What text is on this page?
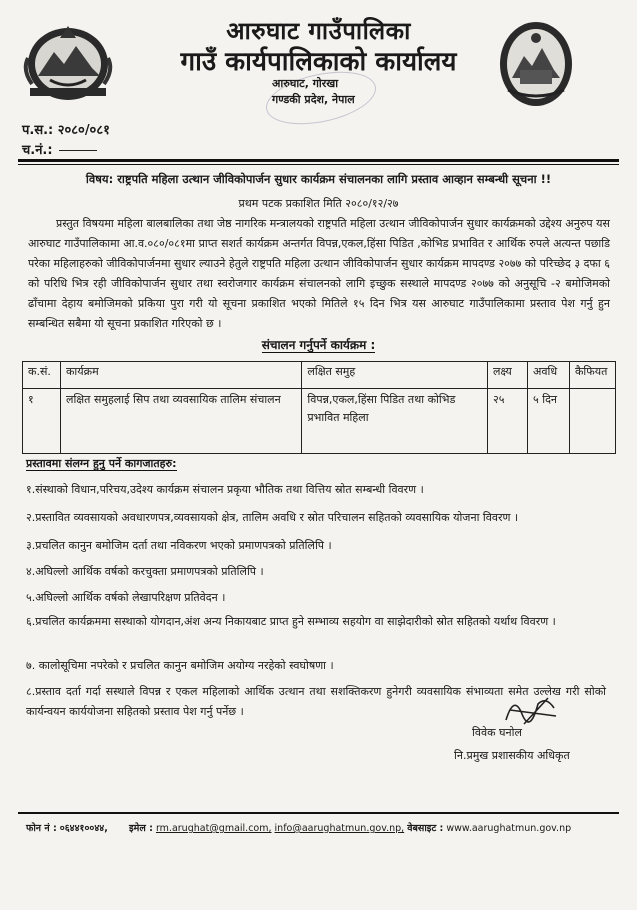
आरुघाट गाउँपालिका
गाउँ कार्यपालिकाको कार्यालय
आरुघाट, गोरखा
गण्डकी प्रदेश, नेपाल
प.स.: २०८०/०८१
च.नं.:
विषय: राष्ट्रपति महिला उत्थान जीविकोपार्जन सुधार कार्यक्रम संचालनका लागि प्रस्ताव आव्हान सम्बन्धी सूचना !!
प्रथम पटक प्रकाशित मिति २०८०/१२/२७
प्रस्तुत विषयमा महिला बालबालिका तथा जेष्ठ नागरिक मन्त्रालयको राष्ट्रपति महिला उत्थान जीविकोपार्जन सुधार कार्यक्रमको उद्देश्य अनुरुप यस आरुघाट गाउँपालिकामा आ.व.०८०/०८१मा प्राप्त सशर्त कार्यक्रम अन्तर्गत विपन्न,एकल,हिंसा पिडित ,कोभिड प्रभावित र आर्थिक रुपले अत्यन्त पछाडि परेका महिलाहरुको जीविकोपार्जनमा सुधार ल्याउने हेतुले राष्ट्रपति महिला उत्थान जीविकोपार्जन सुधार कार्यक्रम मापदण्ड २०७७ को परिच्छेद ३ दफा ६ को परिधि भित्र रही जीविकोपार्जन सुधार तथा स्वरोजगार कार्यक्रम संचालनको लागि इच्छुक सस्थाले मापदण्ड २०७७ को अनुसूचि -२ बमोजिमको ढाँचामा देहाय बमोजिमको प्रकिया पुरा गरी यो सूचना प्रकाशित भएको मितिले १५ दिन भित्र यस आरुघाट गाउँपालिकामा प्रस्ताव पेश गर्नु हुन सम्बन्धित सबैमा यो सूचना प्रकाशित गरिएको छ ।
संचालन गर्नुपर्ने कार्यक्रम :
क.सं.	कार्यक्रम	लक्षित समुह	लक्ष्य	अवधि	कैफियत
१	लक्षित समुहलाई सिप तथा व्यवसायिक तालिम संचालन	विपन्न,एकल,हिंसा पिडित तथा कोभिड प्रभावित महिला	२५	५ दिन	
प्रस्तावमा संलग्न हुनु पर्ने कागजातहरु:
१.संस्थाको विधान,परिचय,उदेश्य कार्यक्रम संचालन प्रकृया भौतिक तथा वित्तिय स्रोत सम्बन्धी विवरण ।
२.प्रस्तावित व्यवसायको अवधारणपत्र,व्यवसायको क्षेत्र, तालिम अवधि र स्रोत परिचालन सहितको व्यवसायिक योजना विवरण ।
३.प्रचलित कानुन बमोजिम दर्ता तथा नविकरण भएको प्रमाणपत्रको प्रतिलिपि ।
४.अघिल्लो आर्थिक वर्षको करचुक्ता प्रमाणपत्रको प्रतिलिपि ।
५.अघिल्लो आर्थिक वर्षको लेखापरिक्षण प्रतिवेदन ।
६.प्रचलित कार्यक्रममा सस्थाको योगदान,अंश अन्य निकायबाट प्राप्त हुने सम्भाव्य सहयोग वा साझेदारीको स्रोत सहितको यर्थाथ विवरण ।
७. कालोसूचिमा नपरेको र प्रचलित कानुन बमोजिम अयोग्य नरहेको स्वघोषणा ।
८.प्रस्ताव दर्ता गर्दा सस्थाले विपन्न र एकल महिलाको आर्थिक उत्थान तथा सशक्तिकरण हुनेगरी व्यवसायिक संभाव्यता समेत उल्लेख गरी सोको कार्यन्वयन कार्ययोजना सहितको प्रस्ताव पेश गर्नु पर्नेछ ।
विवेक घनोल
नि.प्रमुख प्रशासकीय अधिकृत
फोन नं : ०६४४१००४४, इमेल : rm.arughat@gmail.com, info@aarughatmun.gov.np, वेबसाइट : www.aarughatmun.gov.np
